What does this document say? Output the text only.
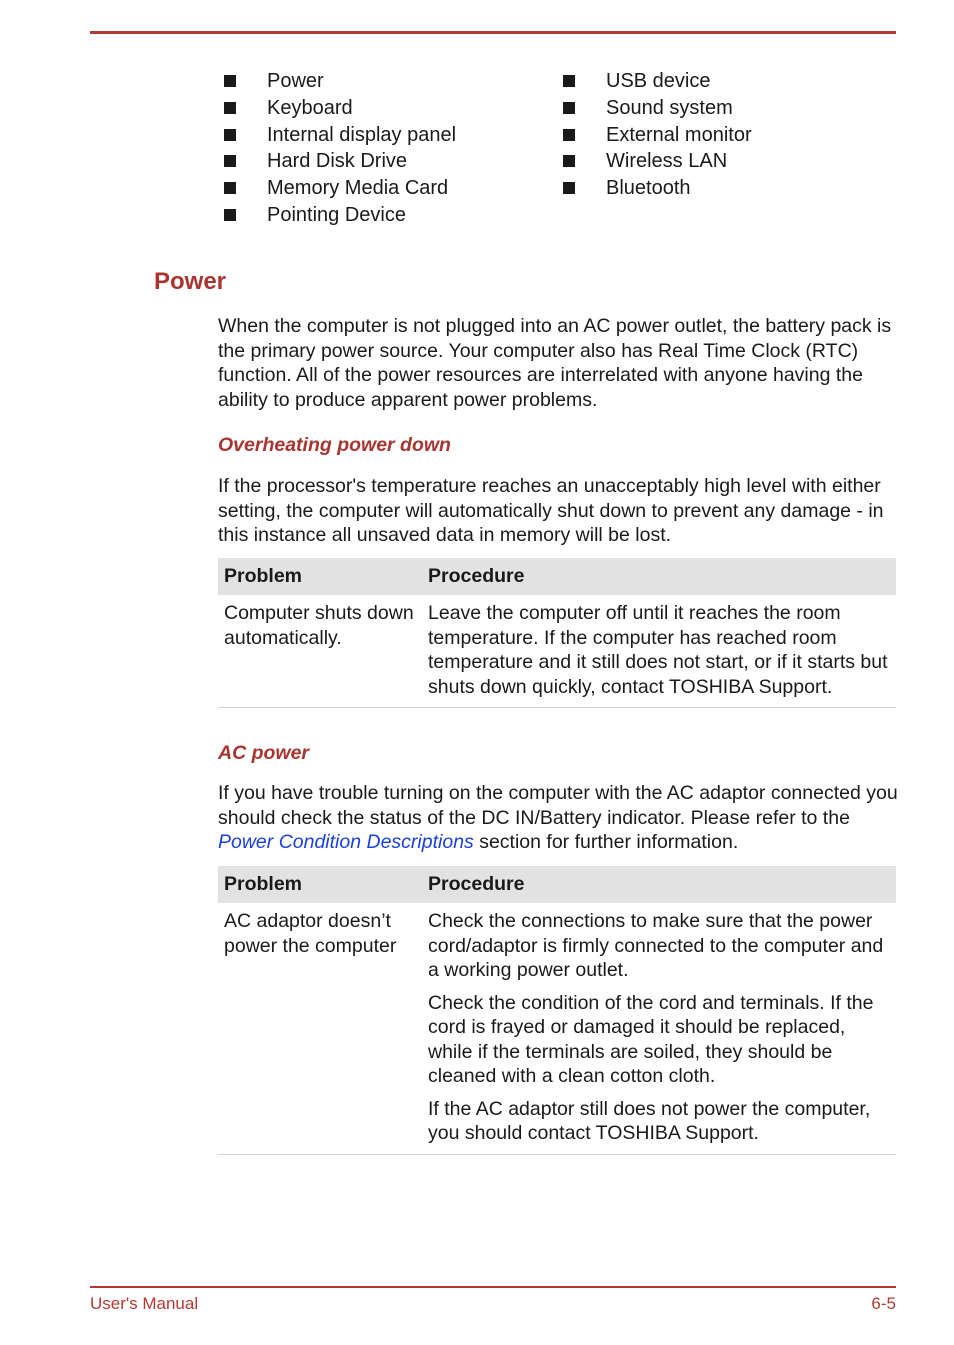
Power
Keyboard
Internal display panel
Hard Disk Drive
Memory Media Card
Pointing Device
USB device
Sound system
External monitor
Wireless LAN
Bluetooth
Power

When the computer is not plugged into an AC power outlet, the battery pack is the primary power source. Your computer also has Real Time Clock (RTC) function. All of the power resources are interrelated with anyone having the ability to produce apparent power problems.

Overheating power down

If the processor's temperature reaches an unacceptably high level with either setting, the computer will automatically shut down to prevent any damage - in this instance all unsaved data in memory will be lost.

Problem	Procedure
Computer shuts down automatically.	Leave the computer off until it reaches the room temperature. If the computer has reached room temperature and it still does not start, or if it starts but shuts down quickly, contact TOSHIBA Support.
AC power

If you have trouble turning on the computer with the AC adaptor connected you should check the status of the DC IN/Battery indicator. Please refer to the Power Condition Descriptions section for further information.

Problem	Procedure
AC adaptor doesn’t power the computer	Check the connections to make sure that the power cord/adaptor is firmly connected to the computer and a working power outlet.

Check the condition of the cord and terminals. If the cord is frayed or damaged it should be replaced, while if the terminals are soiled, they should be cleaned with a clean cotton cloth.

If the AC adaptor still does not power the computer, you should contact TOSHIBA Support.

User's Manual	6-5
